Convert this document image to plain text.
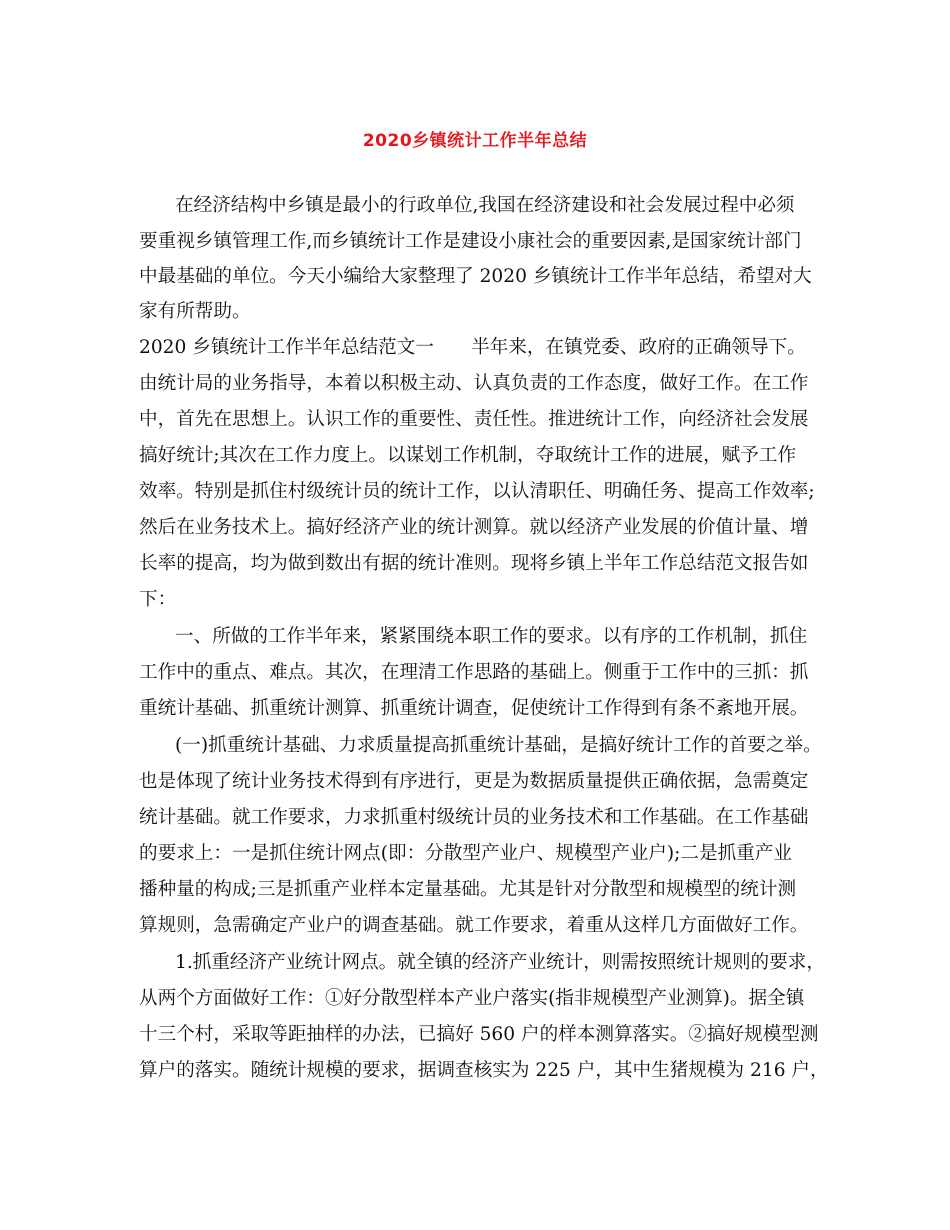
2020乡镇统计工作半年总结
在经济结构中乡镇是最小的行政单位,我国在经济建设和社会发展过程中必须
要重视乡镇管理工作,而乡镇统计工作是建设小康社会的重要因素,是国家统计部门
中最基础的单位。今天小编给大家整理了 2020 乡镇统计工作半年总结，希望对大
家有所帮助。
2020 乡镇统计工作半年总结范文一　　半年来，在镇党委、政府的正确领导下。
由统计局的业务指导，本着以积极主动、认真负责的工作态度，做好工作。在工作
中，首先在思想上。认识工作的重要性、责任性。推进统计工作，向经济社会发展
搞好统计;其次在工作力度上。以谋划工作机制，夺取统计工作的进展，赋予工作
效率。特别是抓住村级统计员的统计工作，以认清职任、明确任务、提高工作效率;
然后在业务技术上。搞好经济产业的统计测算。就以经济产业发展的价值计量、增
长率的提高，均为做到数出有据的统计准则。现将乡镇上半年工作总结范文报告如
下：
一、所做的工作半年来，紧紧围绕本职工作的要求。以有序的工作机制，抓住
工作中的重点、难点。其次，在理清工作思路的基础上。侧重于工作中的三抓：抓
重统计基础、抓重统计测算、抓重统计调查，促使统计工作得到有条不紊地开展。
(一)抓重统计基础、力求质量提高抓重统计基础，是搞好统计工作的首要之举。
也是体现了统计业务技术得到有序进行，更是为数据质量提供正确依据，急需奠定
统计基础。就工作要求，力求抓重村级统计员的业务技术和工作基础。在工作基础
的要求上：一是抓住统计网点(即：分散型产业户、规模型产业户);二是抓重产业
播种量的构成;三是抓重产业样本定量基础。尤其是针对分散型和规模型的统计测
算规则，急需确定产业户的调查基础。就工作要求，着重从这样几方面做好工作。
1.抓重经济产业统计网点。就全镇的经济产业统计，则需按照统计规则的要求，
从两个方面做好工作：①好分散型样本产业户落实(指非规模型产业测算)。据全镇
十三个村，采取等距抽样的办法，已搞好 560 户的样本测算落实。②搞好规模型测
算户的落实。随统计规模的要求，据调查核实为 225 户，其中生猪规模为 216 户，
